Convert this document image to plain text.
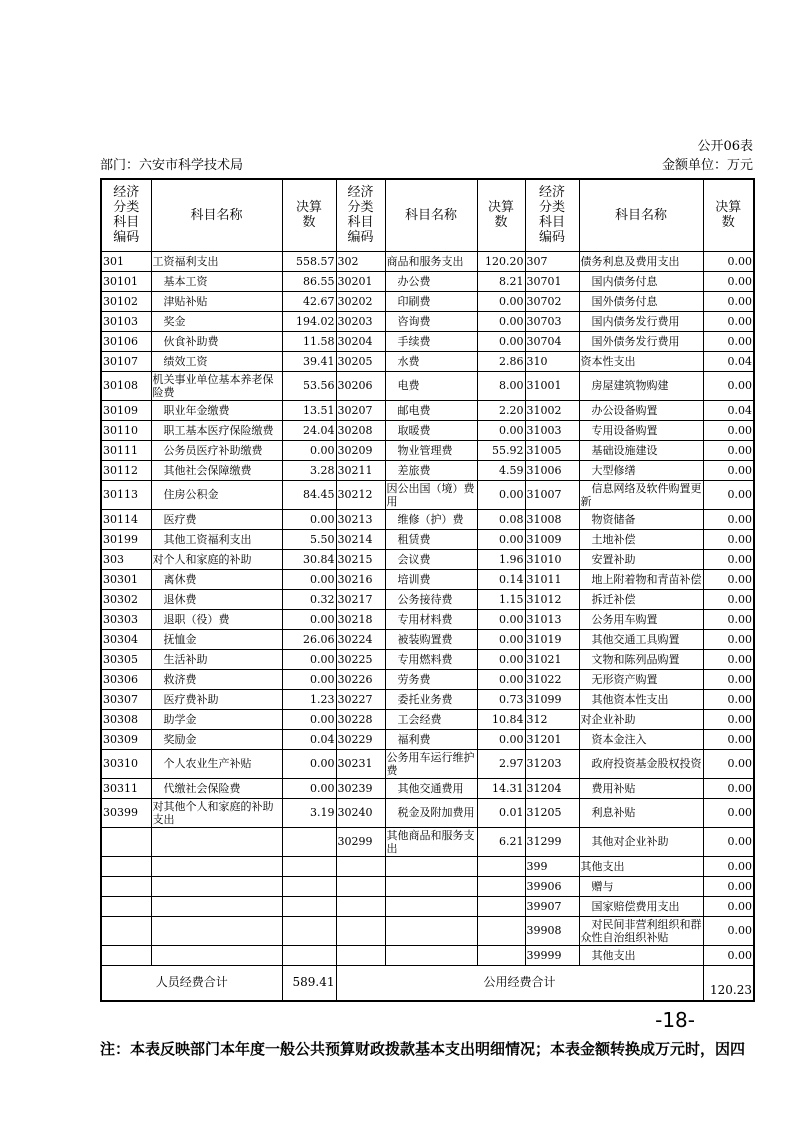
公开06表
部门：六安市科学技术局	金额单位：万元
经济分类科目编码	科目名称	决算数	经济分类科目编码	科目名称	决算数	经济分类科目编码	科目名称	决算数
301	工资福利支出	558.57	302	商品和服务支出	120.20	307	债务利息及费用支出	0.00
30101	基本工资	86.55	30201	办公费	8.21	30701	国内债务付息	0.00
30102	津贴补贴	42.67	30202	印刷费	0.00	30702	国外债务付息	0.00
30103	奖金	194.02	30203	咨询费	0.00	30703	国内债务发行费用	0.00
30106	伙食补助费	11.58	30204	手续费	0.00	30704	国外债务发行费用	0.00
30107	绩效工资	39.41	30205	水费	2.86	310	资本性支出	0.04
30108	机关事业单位基本养老保险费	53.56	30206	电费	8.00	31001	房屋建筑物购建	0.00
30109	职业年金缴费	13.51	30207	邮电费	2.20	31002	办公设备购置	0.04
30110	职工基本医疗保险缴费	24.04	30208	取暖费	0.00	31003	专用设备购置	0.00
30111	公务员医疗补助缴费	0.00	30209	物业管理费	55.92	31005	基础设施建设	0.00
30112	其他社会保障缴费	3.28	30211	差旅费	4.59	31006	大型修缮	0.00
30113	住房公积金	84.45	30212	因公出国（境）费用	0.00	31007	信息网络及软件购置更新	0.00
30114	医疗费	0.00	30213	维修（护）费	0.08	31008	物资储备	0.00
30199	其他工资福利支出	5.50	30214	租赁费	0.00	31009	土地补偿	0.00
303	对个人和家庭的补助	30.84	30215	会议费	1.96	31010	安置补助	0.00
30301	离休费	0.00	30216	培训费	0.14	31011	地上附着物和青苗补偿	0.00
30302	退休费	0.32	30217	公务接待费	1.15	31012	拆迁补偿	0.00
30303	退职（役）费	0.00	30218	专用材料费	0.00	31013	公务用车购置	0.00
30304	抚恤金	26.06	30224	被装购置费	0.00	31019	其他交通工具购置	0.00
30305	生活补助	0.00	30225	专用燃料费	0.00	31021	文物和陈列品购置	0.00
30306	救济费	0.00	30226	劳务费	0.00	31022	无形资产购置	0.00
30307	医疗费补助	1.23	30227	委托业务费	0.73	31099	其他资本性支出	0.00
30308	助学金	0.00	30228	工会经费	10.84	312	对企业补助	0.00
30309	奖励金	0.04	30229	福利费	0.00	31201	资本金注入	0.00
30310	个人农业生产补贴	0.00	30231	公务用车运行维护费	2.97	31203	政府投资基金股权投资	0.00
30311	代缴社会保险费	0.00	30239	其他交通费用	14.31	31204	费用补贴	0.00
30399	对其他个人和家庭的补助支出	3.19	30240	税金及附加费用	0.01	31205	利息补贴	0.00
			30299	其他商品和服务支出	6.21	31299	其他对企业补助	0.00
						399	其他支出	0.00
						39906	赠与	0.00
						39907	国家赔偿费用支出	0.00
						39908	对民间非营利组织和群众性自治组织补贴	0.00
						39999	其他支出	0.00
人员经费合计		589.41	公用经费合计					120.23
注：本表反映部门本年度一般公共预算财政拨款基本支出明细情况；本表金额转换成万元时，因四
-18-
